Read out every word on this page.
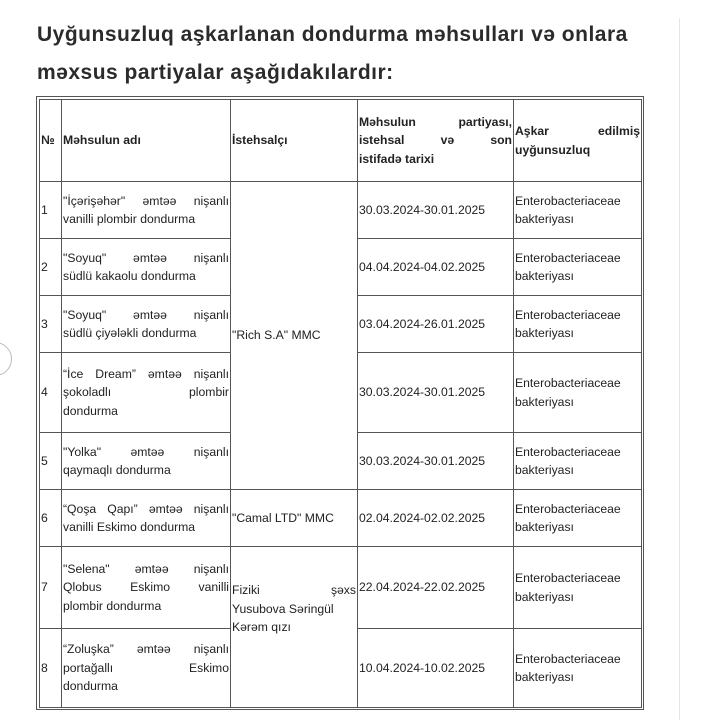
Uyğunsuzluq aşkarlanan dondurma məhsulları və onlara məxsus partiyalar aşağıdakılardır:
№	Məhsulun adı	İstehsalçı	Məhsulun partiyası,
istehsal və son
istifadə tarixi	Aşkar edilmiş
uyğunsuzluq

1	"İçərişəhər" əmtəə nişanlı
vanilli plombir dondurma	"Rich S.A" MMC	30.03.2024-30.01.2025	Enterobacteriaceae
bakteriyası

2	"Soyuq" əmtəə nişanlı
südlü kakaolu dondurma		04.04.2024-04.02.2025	Enterobacteriaceae
bakteriyası

3	"Soyuq" əmtəə nişanlı
südlü çiyələkli dondurma		03.04.2024-26.01.2025	Enterobacteriaceae
bakteriyası

4	“İce Dream” əmtəə nişanlı
şokoladlı plombir
dondurma		30.03.2024-30.01.2025	Enterobacteriaceae
bakteriyası

5	"Yolka" əmtəə nişanlı
qaymaqlı dondurma		30.03.2024-30.01.2025	Enterobacteriaceae
bakteriyası

6	“Qoşa Qapı” əmtəə nişanlı
vanilli Eskimo dondurma	"Camal LTD" MMC	02.04.2024-02.02.2025	Enterobacteriaceae
bakteriyası

7	"Selena" əmtəə nişanlı
Qlobus Eskimo vanilli
plombir dondurma	Fiziki şəxs
Yusubova Səringül
Kərəm qızı	22.04.2024-22.02.2025	Enterobacteriaceae
bakteriyası

8	“Zoluşka” əmtəə nişanlı
portağallı Eskimo
dondurma		10.04.2024-10.02.2025	Enterobacteriaceae
bakteriyası
